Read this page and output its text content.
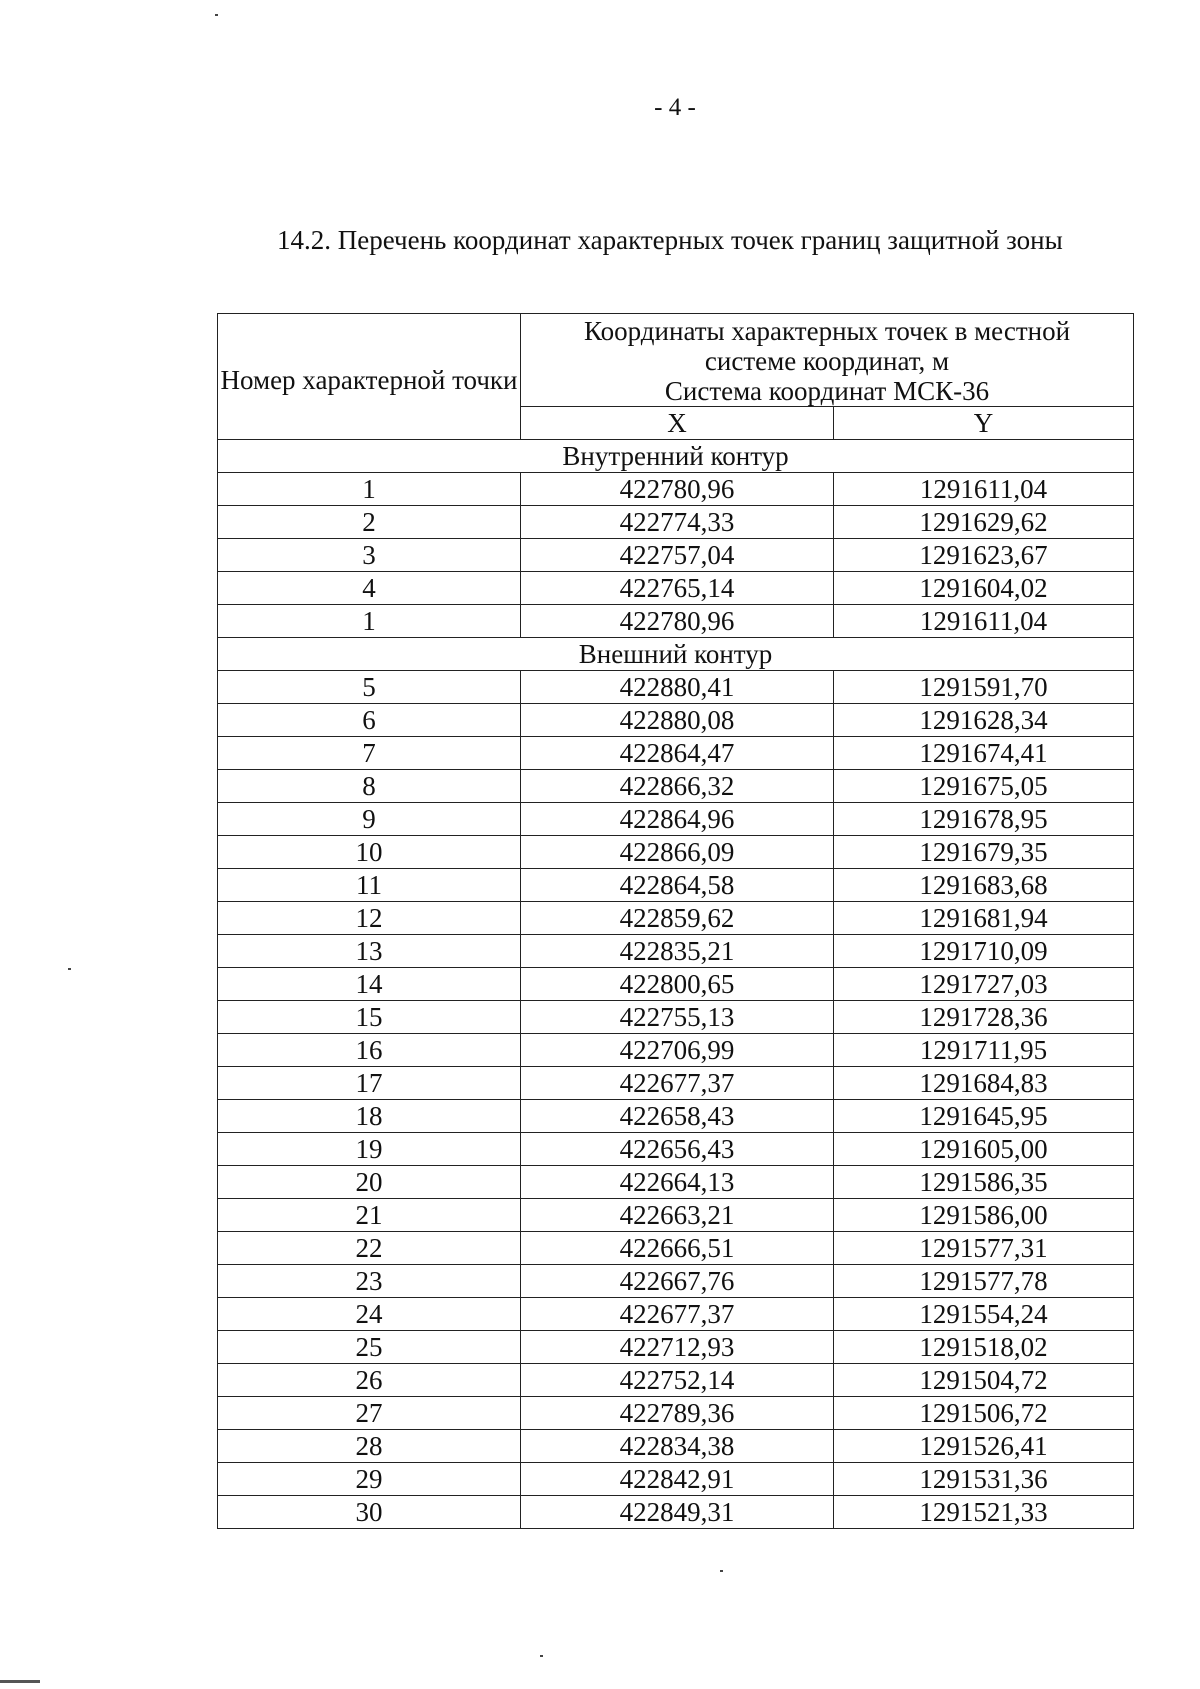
- 4 -
14.2. Перечень координат характерных точек границ защитной зоны
Номер характерной точки	Координаты характерных точек в местной
системе координат, м
Система координат МСК-36	

	X	Y
Внутренний контур		
1	422780,96	1291611,04
2	422774,33	1291629,62
3	422757,04	1291623,67
4	422765,14	1291604,02
1	422780,96	1291611,04
Внешний контур		
5	422880,41	1291591,70
6	422880,08	1291628,34
7	422864,47	1291674,41
8	422866,32	1291675,05
9	422864,96	1291678,95
10	422866,09	1291679,35
11	422864,58	1291683,68
12	422859,62	1291681,94
13	422835,21	1291710,09
14	422800,65	1291727,03
15	422755,13	1291728,36
16	422706,99	1291711,95
17	422677,37	1291684,83
18	422658,43	1291645,95
19	422656,43	1291605,00
20	422664,13	1291586,35
21	422663,21	1291586,00
22	422666,51	1291577,31
23	422667,76	1291577,78
24	422677,37	1291554,24
25	422712,93	1291518,02
26	422752,14	1291504,72
27	422789,36	1291506,72
28	422834,38	1291526,41
29	422842,91	1291531,36
30	422849,31	1291521,33
